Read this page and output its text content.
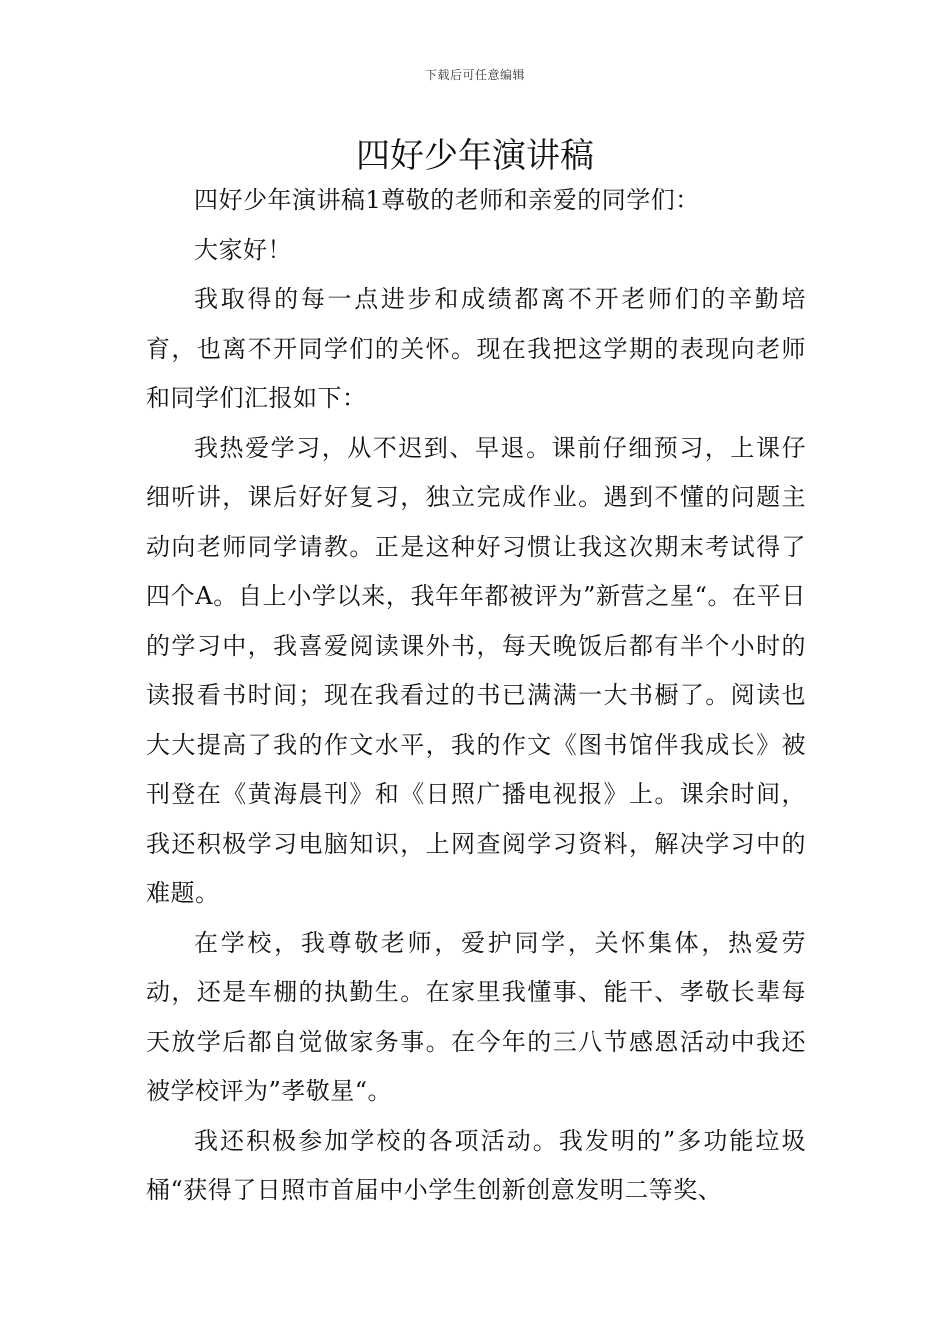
下载后可任意编辑
四好少年演讲稿

四好少年演讲稿1尊敬的老师和亲爱的同学们：

大家好！

我取得的每一点进步和成绩都离不开老师们的辛勤培育，也离不开同学们的关怀。现在我把这学期的表现向老师和同学们汇报如下：

我热爱学习，从不迟到、早退。课前仔细预习，上课仔细听讲，课后好好复习，独立完成作业。遇到不懂的问题主动向老师同学请教。正是这种好习惯让我这次期末考试得了四个A。自上小学以来，我年年都被评为”新营之星“。在平日的学习中，我喜爱阅读课外书，每天晚饭后都有半个小时的读报看书时间；现在我看过的书已满满一大书橱了。阅读也大大提高了我的作文水平，我的作文《图书馆伴我成长》被刊登在《黄海晨刊》和《日照广播电视报》上。课余时间，我还积极学习电脑知识，上网查阅学习资料，解决学习中的难题。

在学校，我尊敬老师，爱护同学，关怀集体，热爱劳动，还是车棚的执勤生。在家里我懂事、能干、孝敬长辈每天放学后都自觉做家务事。在今年的三八节感恩活动中我还被学校评为”孝敬星“。

我还积极参加学校的各项活动。我发明的”多功能垃圾桶“获得了日照市首届中小学生创新创意发明二等奖、
